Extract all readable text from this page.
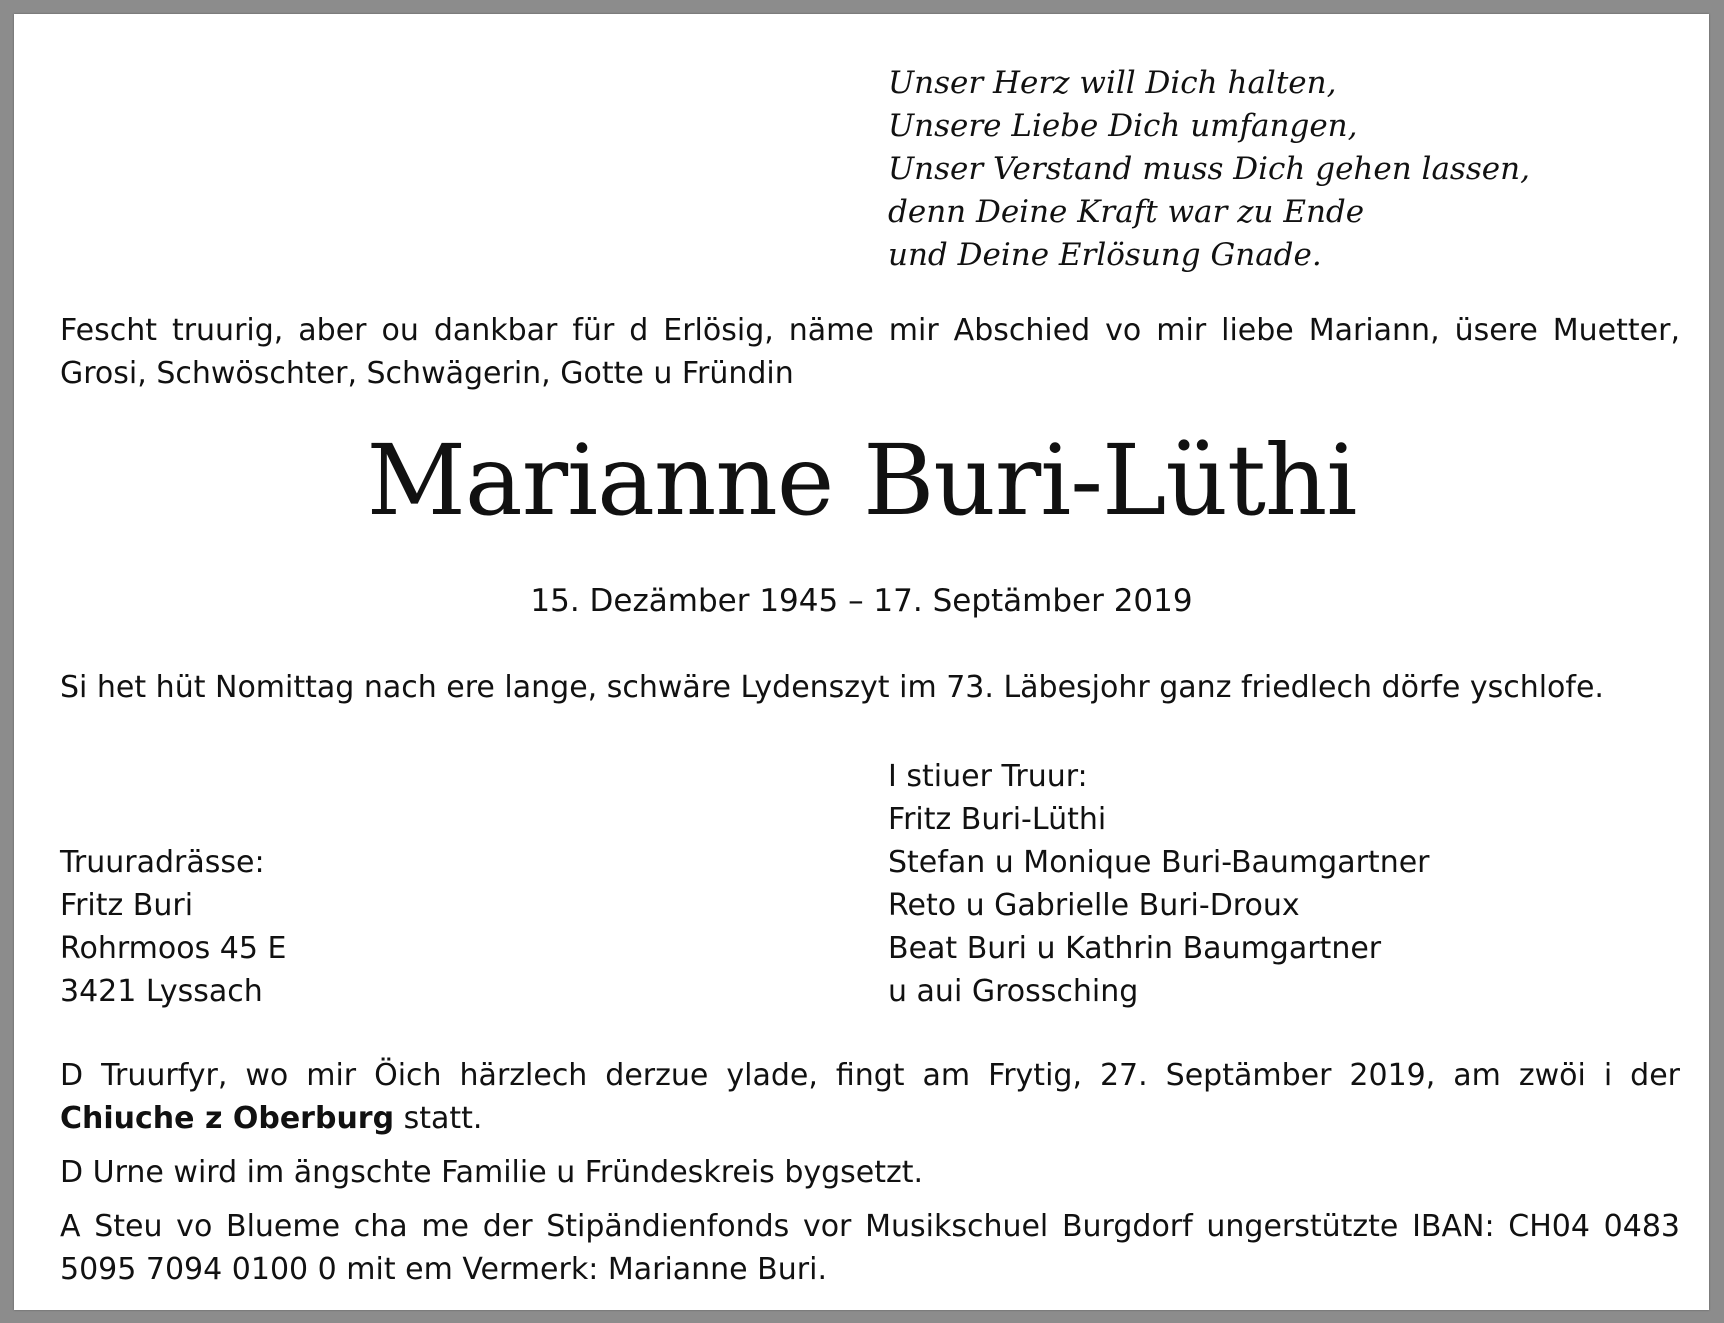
Unser Herz will Dich halten,
Unsere Liebe Dich umfangen,
Unser Verstand muss Dich gehen lassen,
denn Deine Kraft war zu Ende
und Deine Erlösung Gnade.
Fescht truurig, aber ou dankbar für d Erlösig, näme mir Abschied vo mir liebe Mariann, üsere Muetter, Grosi, Schwöschter, Schwägerin, Gotte u Fründin
Marianne Buri-Lüthi
15. Dezämber 1945 – 17. Septämber 2019
Si het hüt Nomittag nach ere lange, schwäre Lydenszyt im 73. Läbesjohr ganz friedlech dörfe yschlofe.
I stiuer Truur:
Fritz Buri-Lüthi
Stefan u Monique Buri-Baumgartner
Reto u Gabrielle Buri-Droux
Beat Buri u Kathrin Baumgartner
u aui Grossching
Truuradrässe:
Fritz Buri
Rohrmoos 45 E
3421 Lyssach

D Truurfyr, wo mir Öich härzlech derzue ylade, fingt am Frytig, 27. Septämber 2019, am zwöi i der Chiuche z Oberburg statt.

D Urne wird im ängschte Familie u Fründeskreis bygsetzt.

A Steu vo Blueme cha me der Stipändienfonds vor Musikschuel Burgdorf ungerstützte IBAN: CH04 0483 5095 7094 0100 0 mit em Vermerk: Marianne Buri.
